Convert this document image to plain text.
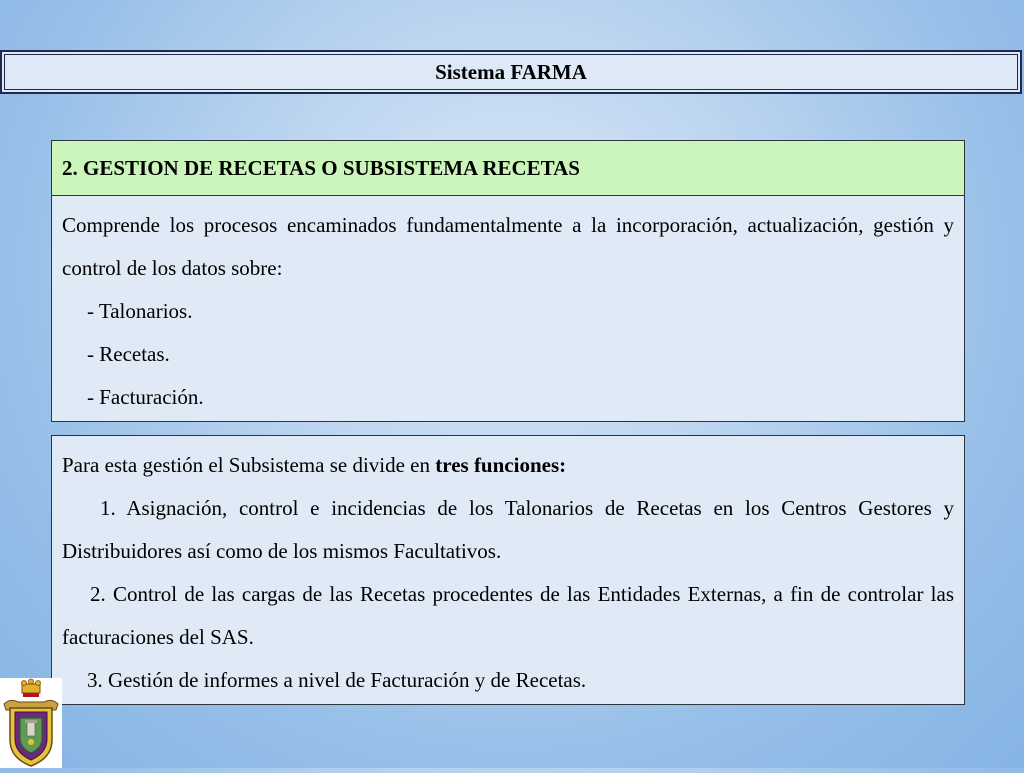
Sistema FARMA
2. GESTION DE RECETAS O SUBSISTEMA RECETAS

Comprende los procesos encaminados fundamentalmente a la incorporación, actualización, gestión y control de los datos sobre:

- Talonarios.

- Recetas.

- Facturación.

Para esta gestión el Subsistema se divide en tres funciones:

1. Asignación, control e incidencias de los Talonarios de Recetas en los Centros Gestores y Distribuidores así como de los mismos Facultativos.

2. Control de las cargas de las Recetas procedentes de las Entidades Externas, a fin de controlar las facturaciones del SAS.

3. Gestión de informes a nivel de Facturación y de Recetas.
